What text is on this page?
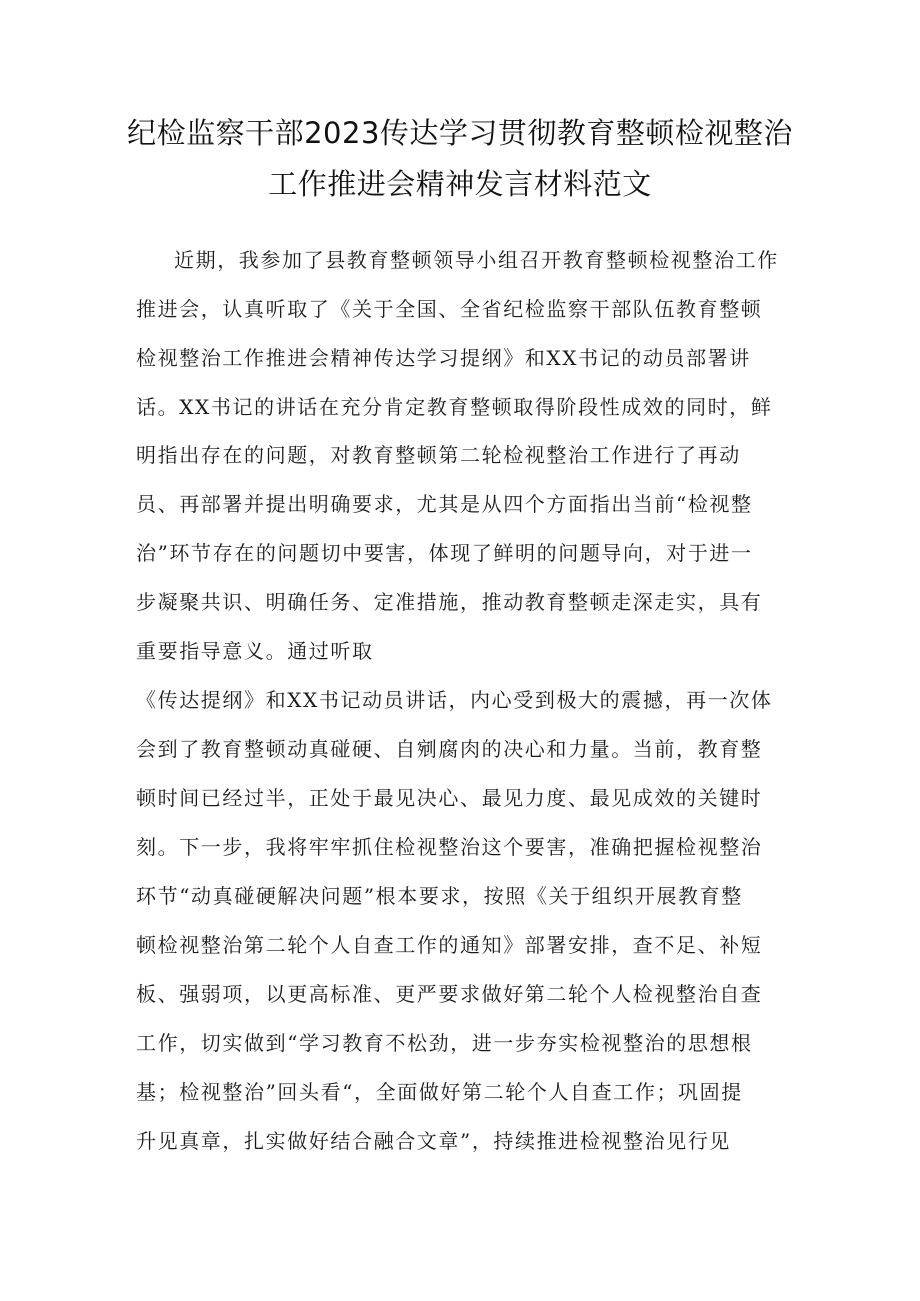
纪检监察干部2023传达学习贯彻教育整顿检视整治
工作推进会精神发言材料范文
近期，我参加了县教育整顿领导小组召开教育整顿检视整治工作
推进会，认真听取了《关于全国、全省纪检监察干部队伍教育整顿
检视整治工作推进会精神传达学习提纲》和XX书记的动员部署讲
话。XX书记的讲话在充分肯定教育整顿取得阶段性成效的同时，鲜
明指出存在的问题，对教育整顿第二轮检视整治工作进行了再动
员、再部署并提出明确要求，尤其是从四个方面指出当前“检视整
治”环节存在的问题切中要害，体现了鲜明的问题导向，对于进一
步凝聚共识、明确任务、定准措施，推动教育整顿走深走实，具有
重要指导意义。通过听取
《传达提纲》和XX书记动员讲话，内心受到极大的震撼，再一次体
会到了教育整顿动真碰硬、自剜腐肉的决心和力量。当前，教育整
顿时间已经过半，正处于最见决心、最见力度、最见成效的关键时
刻。下一步，我将牢牢抓住检视整治这个要害，准确把握检视整治
环节“动真碰硬解决问题”根本要求，按照《关于组织开展教育整
顿检视整治第二轮个人自查工作的通知》部署安排，查不足、补短
板、强弱项，以更高标准、更严要求做好第二轮个人检视整治自查
工作，切实做到“学习教育不松劲，进一步夯实检视整治的思想根
基；检视整治”回头看“，全面做好第二轮个人自查工作；巩固提
升见真章，扎实做好结合融合文章”，持续推进检视整治见行见
